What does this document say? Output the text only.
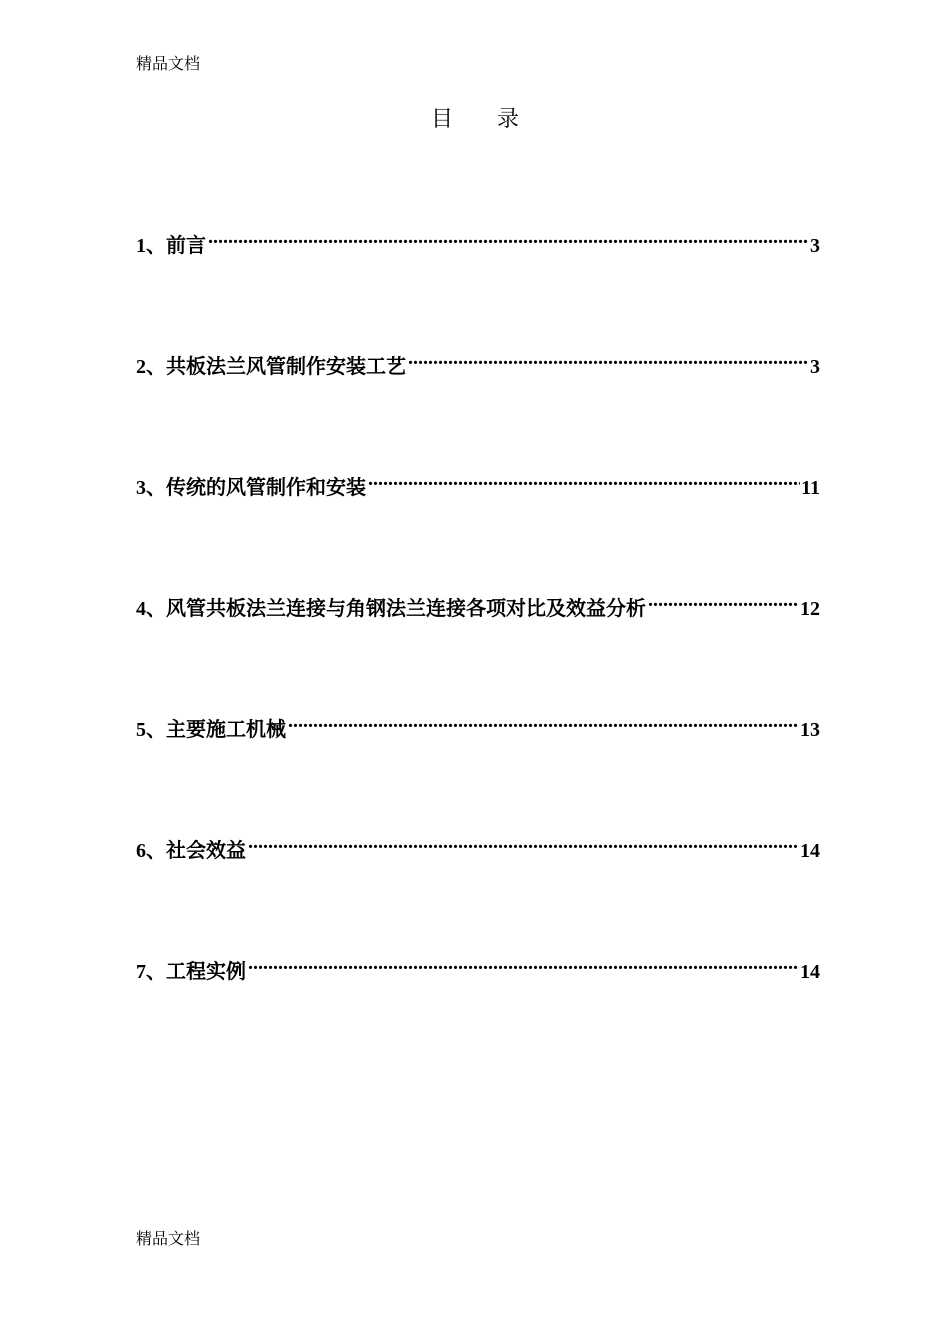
精品文档
目 录
1 、前言 .....	3
2 、共板法兰风管制作安装工艺 .....	3
3 、传统的风管制作和安装 .....	11
4 、风管共板法兰连接与角钢法兰连接各项对比及效益分析 .....	12
5 、主要施工机械 .....	13
6 、社会效益 .....	14
7 、工程实例 .....	14
精品文档
